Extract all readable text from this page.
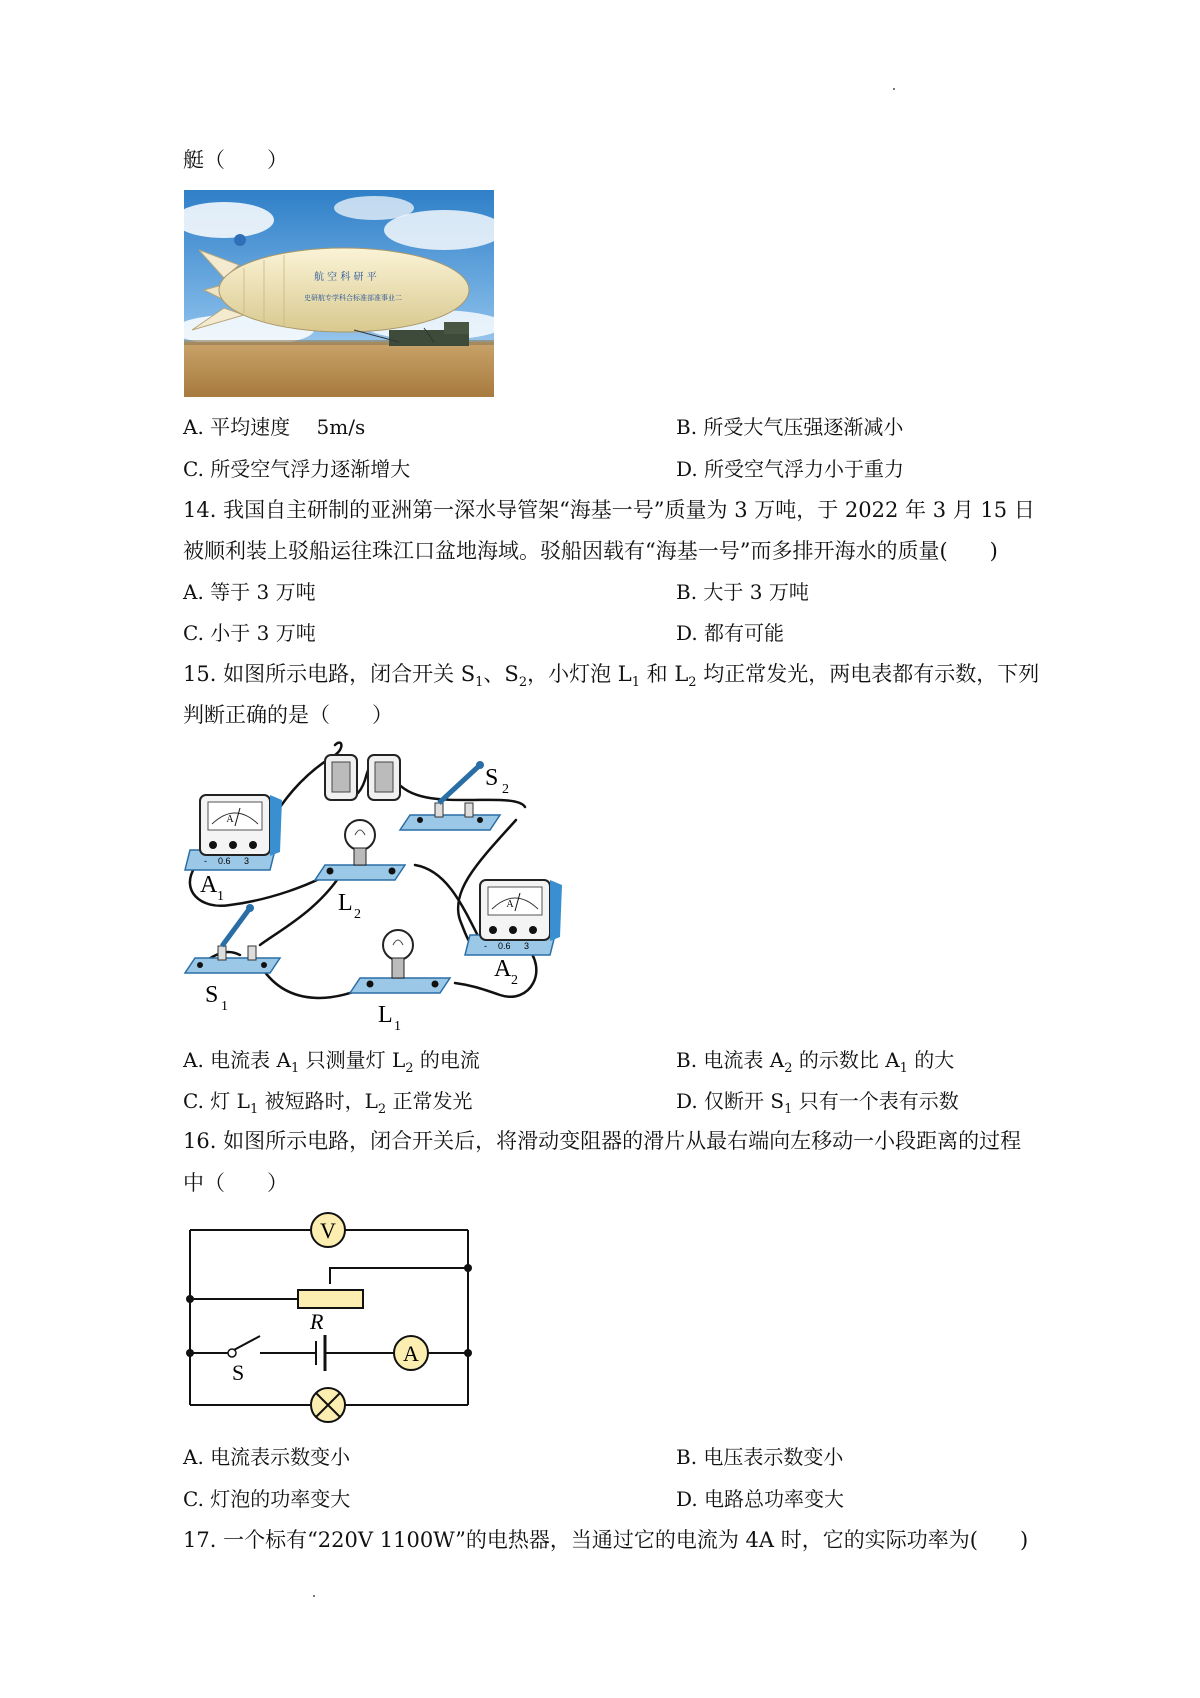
艇（　　）
航 空 科 研 平
史研航专学科合标准部准事业二
A. 平均速度　 5m/s	B. 所受大气压强逐渐减小
C. 所受空气浮力逐渐增大	D. 所受空气浮力小于重力
14. 我国自主研制的亚洲第一深水导管架“海基一号”质量为 3 万吨，于 2022 年 3 月 15 日
被顺利装上驳船运往珠江口盆地海域。驳船因载有“海基一号”而多排开海水的质量(　　)
A. 等于 3 万吨	B. 大于 3 万吨
C. 小于 3 万吨	D. 都有可能
15. 如图所示电路，闭合开关 $S_1$、$S_2$，小灯泡 $L_1$ 和 $L_2$ 均正常发光，两电表都有示数，下列
判断正确的是（　　）
S 2
A
- 0.6 3
A 1	L 2
A
- 0.6 3
A 2
S 1	L 1
A. 电流表 $A_1$ 只测量灯 $L_2$ 的电流	B. 电流表 $A_2$ 的示数比 $A_1$ 的大
C. 灯 $L_1$ 被短路时，$L_2$ 正常发光	D. 仅断开 $S_1$ 只有一个表有示数
16. 如图所示电路，闭合开关后，将滑动变阻器的滑片从最右端向左移动一小段距离的过程
中（　　）
V
R
S
A
A. 电流表示数变小	B. 电压表示数变小
C. 灯泡的功率变大	D. 电路总功率变大
17. 一个标有“220V 1100W”的电热器，当通过它的电流为 4A 时，它的实际功率为(　　)
